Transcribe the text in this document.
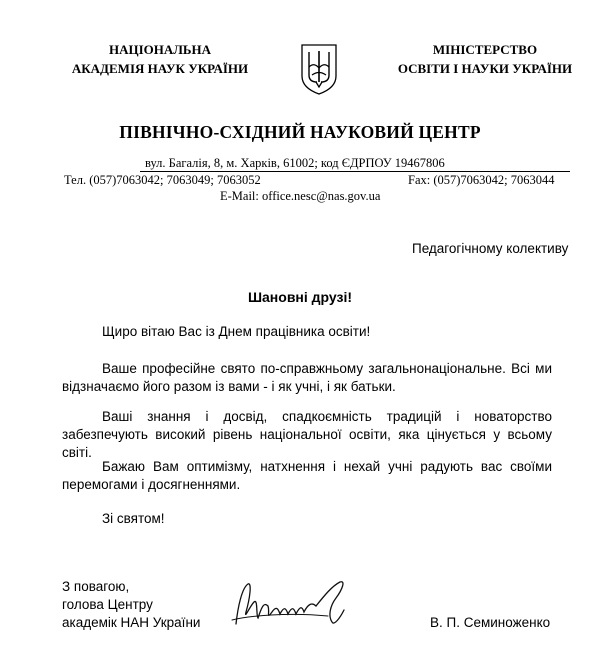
НАЦІОНАЛЬНА
АКАДЕМІЯ НАУК УКРАЇНИ
МІНІСТЕРСТВО
ОСВІТИ І НАУКИ УКРАЇНИ
ПІВНІЧНО-СХІДНИЙ НАУКОВИЙ ЦЕНТР
вул. Багалія, 8, м. Харків, 61002; код ЄДРПОУ 19467806
Тел. (057)7063042; 7063049; 7063052	Fax: (057)7063042; 7063044
E-Mail: office.nesc@nas.gov.ua
Педагогічному колективу
Шановні друзі!
Щиро вітаю Вас із Днем працівника освіти!
Ваше професійне свято по-справжньому загальнонаціональне. Всі ми відзначаємо його разом із вами - і як учні, і як батьки.
Ваші знання і досвід, спадкоємність традицій і новаторство забезпечують високий рівень національної освіти, яка цінується у всьому світі.
Бажаю Вам оптимізму, натхнення і нехай учні радують вас своїми перемогами і досягненнями.
Зі святом!
З повагою,
голова Центру
академік НАН України	В. П. Семиноженко
